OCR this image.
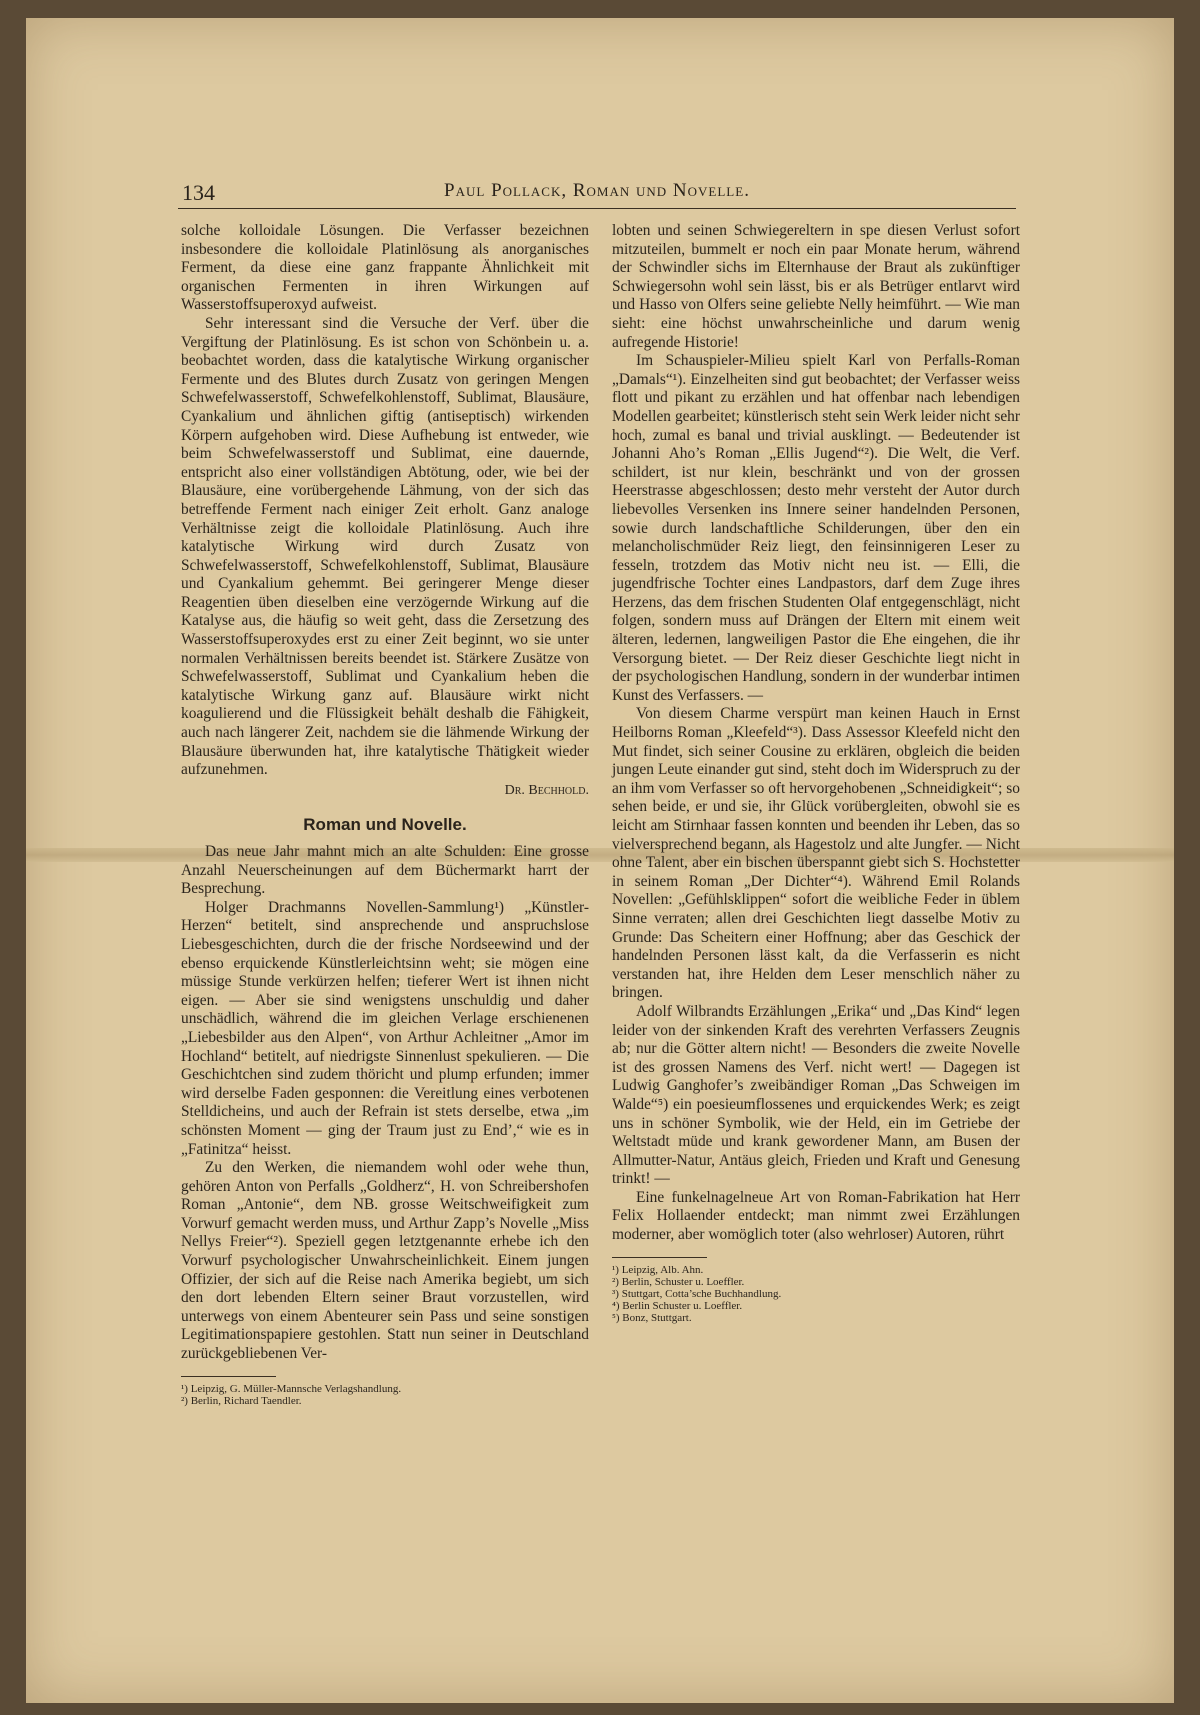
134	Paul Pollack, Roman und Novelle.

solche kolloidale Lösungen. Die Verfasser bezeichnen insbesondere die kolloidale Platinlösung als anorganisches Ferment, da diese eine ganz frappante Ähnlichkeit mit organischen Fermenten in ihren Wirkungen auf Wasserstoffsuperoxyd aufweist.

Sehr interessant sind die Versuche der Verf. über die Vergiftung der Platinlösung. Es ist schon von Schönbein u. a. beobachtet worden, dass die katalytische Wirkung organischer Fermente und des Blutes durch Zusatz von geringen Mengen Schwefelwasserstoff, Schwefelkohlenstoff, Sublimat, Blausäure, Cyankalium und ähnlichen giftig (antiseptisch) wirkenden Körpern aufgehoben wird. Diese Aufhebung ist entweder, wie beim Schwefelwasserstoff und Sublimat, eine dauernde, entspricht also einer vollständigen Abtötung, oder, wie bei der Blausäure, eine vorübergehende Lähmung, von der sich das betreffende Ferment nach einiger Zeit erholt. Ganz analoge Verhältnisse zeigt die kolloidale Platinlösung. Auch ihre katalytische Wirkung wird durch Zusatz von Schwefelwasserstoff, Schwefelkohlenstoff, Sublimat, Blausäure und Cyankalium gehemmt. Bei geringerer Menge dieser Reagentien üben dieselben eine verzögernde Wirkung auf die Katalyse aus, die häufig so weit geht, dass die Zersetzung des Wasserstoffsuperoxydes erst zu einer Zeit beginnt, wo sie unter normalen Verhältnissen bereits beendet ist. Stärkere Zusätze von Schwefelwasserstoff, Sublimat und Cyankalium heben die katalytische Wirkung ganz auf. Blausäure wirkt nicht koagulierend und die Flüssigkeit behält deshalb die Fähigkeit, auch nach längerer Zeit, nachdem sie die lähmende Wirkung der Blausäure überwunden hat, ihre katalytische Thätigkeit wieder aufzunehmen.

Dr. Bechhold.
Roman und Novelle.

Das neue Jahr mahnt mich an alte Schulden: Eine grosse Anzahl Neuerscheinungen auf dem Büchermarkt harrt der Besprechung.

Holger Drachmanns Novellen-Sammlung¹) „Künstler-Herzen“ betitelt, sind ansprechende und anspruchslose Liebesgeschichten, durch die der frische Nordseewind und der ebenso erquickende Künstlerleichtsinn weht; sie mögen eine müssige Stunde verkürzen helfen; tieferer Wert ist ihnen nicht eigen. — Aber sie sind wenigstens unschuldig und daher unschädlich, während die im gleichen Verlage erschienenen „Liebesbilder aus den Alpen“, von Arthur Achleitner „Amor im Hochland“ betitelt, auf niedrigste Sinnenlust spekulieren. — Die Geschichtchen sind zudem thöricht und plump erfunden; immer wird derselbe Faden gesponnen: die Vereitlung eines verbotenen Stelldicheins, und auch der Refrain ist stets derselbe, etwa „im schönsten Moment — ging der Traum just zu End’,“ wie es in „Fatinitza“ heisst.

Zu den Werken, die niemandem wohl oder wehe thun, gehören Anton von Perfalls „Goldherz“, H. von Schreibershofen Roman „Antonie“, dem NB. grosse Weitschweifigkeit zum Vorwurf gemacht werden muss, und Arthur Zapp’s Novelle „Miss Nellys Freier“²). Speziell gegen letztgenannte erhebe ich den Vorwurf psychologischer Unwahrscheinlichkeit. Einem jungen Offizier, der sich auf die Reise nach Amerika begiebt, um sich den dort lebenden Eltern seiner Braut vorzustellen, wird unterwegs von einem Abenteurer sein Pass und seine sonstigen Legitimationspapiere gestohlen. Statt nun seiner in Deutschland zurückgebliebenen Ver-

¹) Leipzig, G. Müller-Mannsche Verlagshandlung.

²) Berlin, Richard Taendler.

lobten und seinen Schwiegereltern in spe diesen Verlust sofort mitzuteilen, bummelt er noch ein paar Monate herum, während der Schwindler sichs im Elternhause der Braut als zukünftiger Schwiegersohn wohl sein lässt, bis er als Betrüger entlarvt wird und Hasso von Olfers seine geliebte Nelly heimführt. — Wie man sieht: eine höchst unwahrscheinliche und darum wenig aufregende Historie!

Im Schauspieler-Milieu spielt Karl von Perfalls-Roman „Damals“¹). Einzelheiten sind gut beobachtet; der Verfasser weiss flott und pikant zu erzählen und hat offenbar nach lebendigen Modellen gearbeitet; künstlerisch steht sein Werk leider nicht sehr hoch, zumal es banal und trivial ausklingt. — Bedeutender ist Johanni Aho’s Roman „Ellis Jugend“²). Die Welt, die Verf. schildert, ist nur klein, beschränkt und von der grossen Heerstrasse abgeschlossen; desto mehr versteht der Autor durch liebevolles Versenken ins Innere seiner handelnden Personen, sowie durch landschaftliche Schilderungen, über den ein melancholischmüder Reiz liegt, den feinsinnigeren Leser zu fesseln, trotzdem das Motiv nicht neu ist. — Elli, die jugendfrische Tochter eines Landpastors, darf dem Zuge ihres Herzens, das dem frischen Studenten Olaf entgegenschlägt, nicht folgen, sondern muss auf Drängen der Eltern mit einem weit älteren, ledernen, langweiligen Pastor die Ehe eingehen, die ihr Versorgung bietet. — Der Reiz dieser Geschichte liegt nicht in der psychologischen Handlung, sondern in der wunderbar intimen Kunst des Verfassers. —

Von diesem Charme verspürt man keinen Hauch in Ernst Heilborns Roman „Kleefeld“³). Dass Assessor Kleefeld nicht den Mut findet, sich seiner Cousine zu erklären, obgleich die beiden jungen Leute einander gut sind, steht doch im Widerspruch zu der an ihm vom Verfasser so oft hervorgehobenen „Schneidigkeit“; so sehen beide, er und sie, ihr Glück vorübergleiten, obwohl sie es leicht am Stirnhaar fassen konnten und beenden ihr Leben, das so vielversprechend begann, als Hagestolz und alte Jungfer. — Nicht ohne Talent, aber ein bischen überspannt giebt sich S. Hochstetter in seinem Roman „Der Dichter“⁴). Während Emil Rolands Novellen: „Gefühlsklippen“ sofort die weibliche Feder in üblem Sinne verraten; allen drei Geschichten liegt dasselbe Motiv zu Grunde: Das Scheitern einer Hoffnung; aber das Geschick der handelnden Personen lässt kalt, da die Verfasserin es nicht verstanden hat, ihre Helden dem Leser menschlich näher zu bringen.

Adolf Wilbrandts Erzählungen „Erika“ und „Das Kind“ legen leider von der sinkenden Kraft des verehrten Verfassers Zeugnis ab; nur die Götter altern nicht! — Besonders die zweite Novelle ist des grossen Namens des Verf. nicht wert! — Dagegen ist Ludwig Ganghofer’s zweibändiger Roman „Das Schweigen im Walde“⁵) ein poesieumflossenes und erquickendes Werk; es zeigt uns in schöner Symbolik, wie der Held, ein im Getriebe der Weltstadt müde und krank gewordener Mann, am Busen der Allmutter-Natur, Antäus gleich, Frieden und Kraft und Genesung trinkt! —

Eine funkelnagelneue Art von Roman-Fabrikation hat Herr Felix Hollaender entdeckt; man nimmt zwei Erzählungen moderner, aber womöglich toter (also wehrloser) Autoren, rührt

¹) Leipzig, Alb. Ahn.

²) Berlin, Schuster u. Loeffler.

³) Stuttgart, Cotta’sche Buchhandlung.

⁴) Berlin Schuster u. Loeffler.

⁵) Bonz, Stuttgart.
